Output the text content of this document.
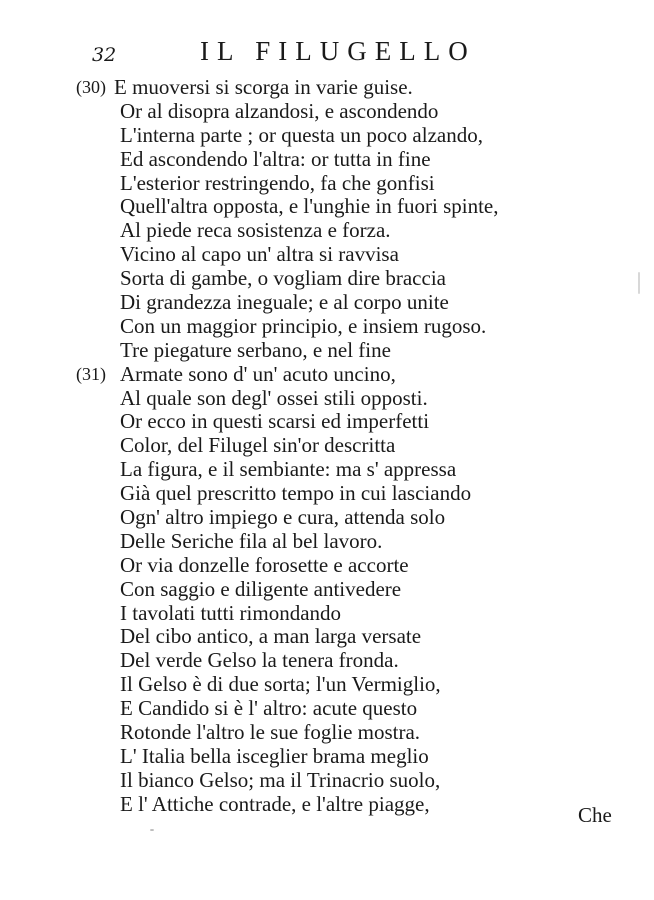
32	IL FILUGELLO
(30) E muoversi si scorga in varie guise.
Or al disopra alzandosi, e ascondendo
L'interna parte ; or questa un poco alzando,
Ed ascondendo l'altra: or tutta in fine
L'esterior restringendo, fa che gonfisi
Quell'altra opposta, e l'unghie in fuori spinte,
Al piede reca sosistenza e forza.
Vicino al capo un' altra si ravvisa
Sorta di gambe, o vogliam dire braccia
Di grandezza ineguale; e al corpo unite
Con un maggior principio, e insiem rugoso.
Tre piegature serbano, e nel fine
(31) Armate sono d' un' acuto uncino,
Al quale son degl' ossei stili opposti.
Or ecco in questi scarsi ed imperfetti
Color, del Filugel sin'or descritta
La figura, e il sembiante: ma s' appressa
Già quel prescritto tempo in cui lasciando
Ogn' altro impiego e cura, attenda solo
Delle Seriche fila al bel lavoro.
Or via donzelle forosette e accorte
Con saggio e diligente antivedere
I tavolati tutti rimondando
Del cibo antico, a man larga versate
Del verde Gelso la tenera fronda.
Il Gelso è di due sorta; l'un Vermiglio,
E Candido si è l' altro: acute questo
Rotonde l'altro le sue foglie mostra.
L' Italia bella isceglier brama meglio
Il bianco Gelso; ma il Trinacrio suolo,
E l' Attiche contrade, e l'altre piagge,	Che
